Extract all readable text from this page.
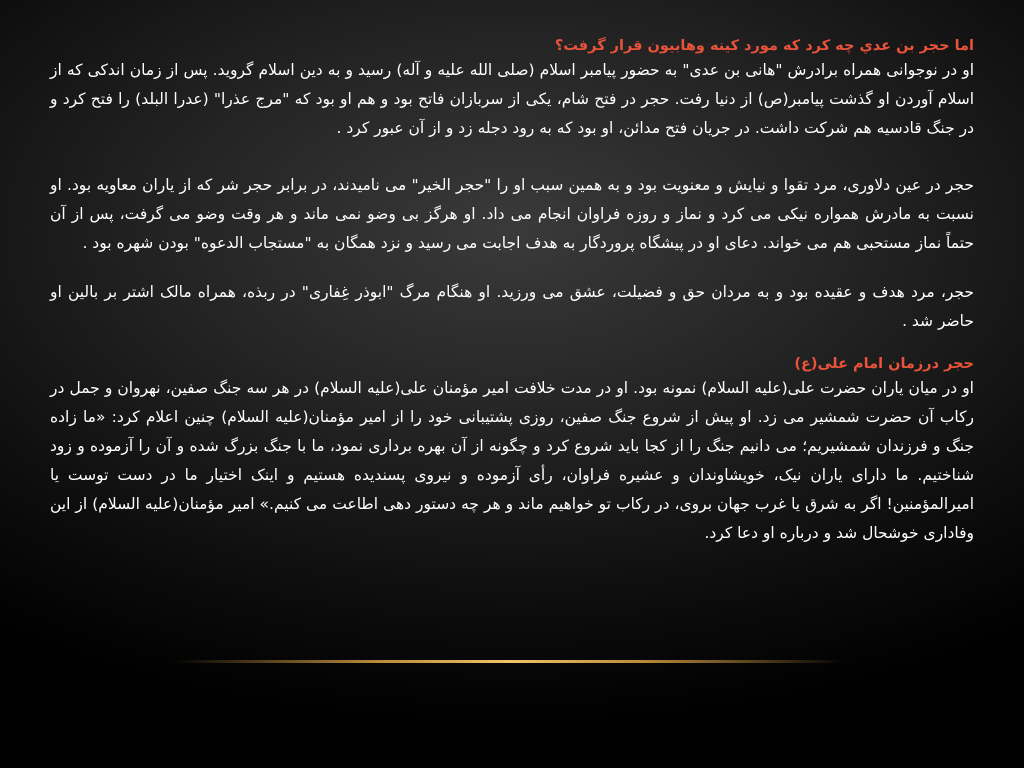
اما حجر بن عدي چه كرد كه مورد كينه وهابيون قرار گرفت؟

او در نوجوانی همراه برادرش "هانی بن عدی" به حضور پیامبر اسلام (صلی الله علیه و آله) رسید و به دین اسلام گروید. پس از زمان اندکی که از اسلام آوردن او گذشت پیامبر(ص) از دنیا رفت. حجر در فتح شام، یکی از سربازان فاتح بود و هم او بود که "مرج عذرا" (عدرا البلد) را فتح کرد و در جنگ قادسیه هم شرکت داشت. در جریان فتح مدائن، او بود که به رود دجله زد و از آن عبور کرد .

حجر در عین دلاوری، مرد تقوا و نیایش و معنویت بود و به همین سبب او را "حجر الخیر" می نامیدند، در برابر حجر شر که از یاران معاویه بود. او نسبت به مادرش همواره نیکی می کرد و نماز و روزه فراوان انجام می داد. او هرگز بی وضو نمی ماند و هر وقت وضو می گرفت، پس از آن حتماً نماز مستحبی هم می خواند. دعای او در پیشگاه پروردگار به هدف اجابت می رسید و نزد همگان به "مستجاب الدعوه" بودن شهره بود .

حجر، مرد هدف و عقیده بود و به مردان حق و فضیلت، عشق می ورزید. او هنگام مرگ "ابوذر غِفاری" در ربذه، همراه مالک اشتر بر بالین او حاضر شد .

حجر درزمان امام علی(ع)

او در میان یاران حضرت علی(علیه السلام) نمونه بود. او در مدت خلافت امیر مؤمنان علی(علیه السلام) در هر سه جنگ صفین، نهروان و جمل در رکاب آن حضرت شمشیر می زد. او پیش از شروع جنگ صفین، روزی پشتیبانی خود را از امیر مؤمنان(علیه السلام) چنین اعلام کرد: «ما زاده جنگ و فرزندان شمشیریم؛ می دانیم جنگ را از کجا باید شروع کرد و چگونه از آن بهره برداری نمود، ما با جنگ بزرگ شده و آن را آزموده و زود شناختیم. ما دارای یاران نیک، خویشاوندان و عشیره فراوان، رأی آزموده و نیروی پسندیده هستیم و اینک اختیار ما در دست توست یا امیرالمؤمنین! اگر به شرق یا غرب جهان بروی، در رکاب تو خواهیم ماند و هر چه دستور دهی اطاعت می کنیم.» امیر مؤمنان(علیه السلام) از این وفاداری خوشحال شد و درباره او دعا کرد.
